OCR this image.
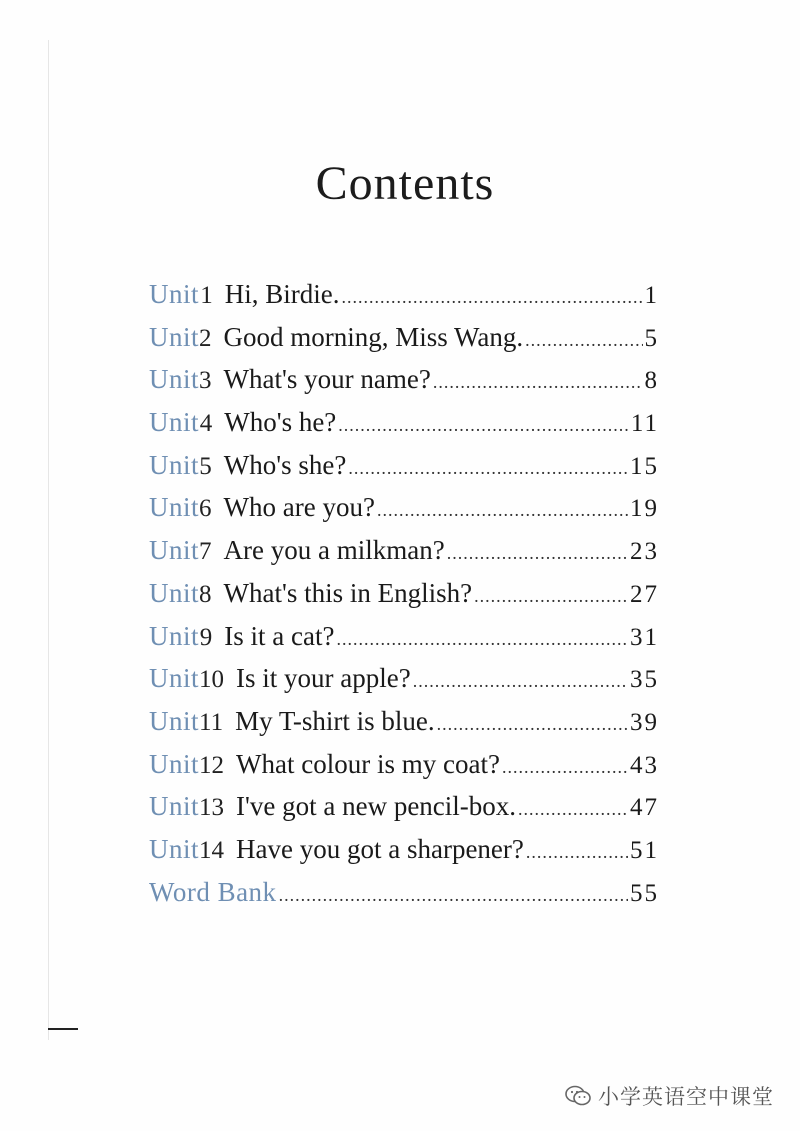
Contents
Unit 1 Hi, Birdie. .....	1
Unit 2 Good morning, Miss Wang. .....	5
Unit 3 What's your name? .....	8
Unit 4 Who's he? .....	11
Unit 5 Who's she? .....	15
Unit 6 Who are you? .....	19
Unit 7 Are you a milkman? .....	23
Unit 8 What's this in English? .....	27
Unit 9 Is it a cat? .....	31
Unit 10 Is it your apple? .....	35
Unit 11 My T-shirt is blue. .....	39
Unit 12 What colour is my coat? .....	43
Unit 13 I've got a new pencil-box. .....	47
Unit 14 Have you got a sharpener? .....	51
Word Bank .....	55
小学英语空中课堂
